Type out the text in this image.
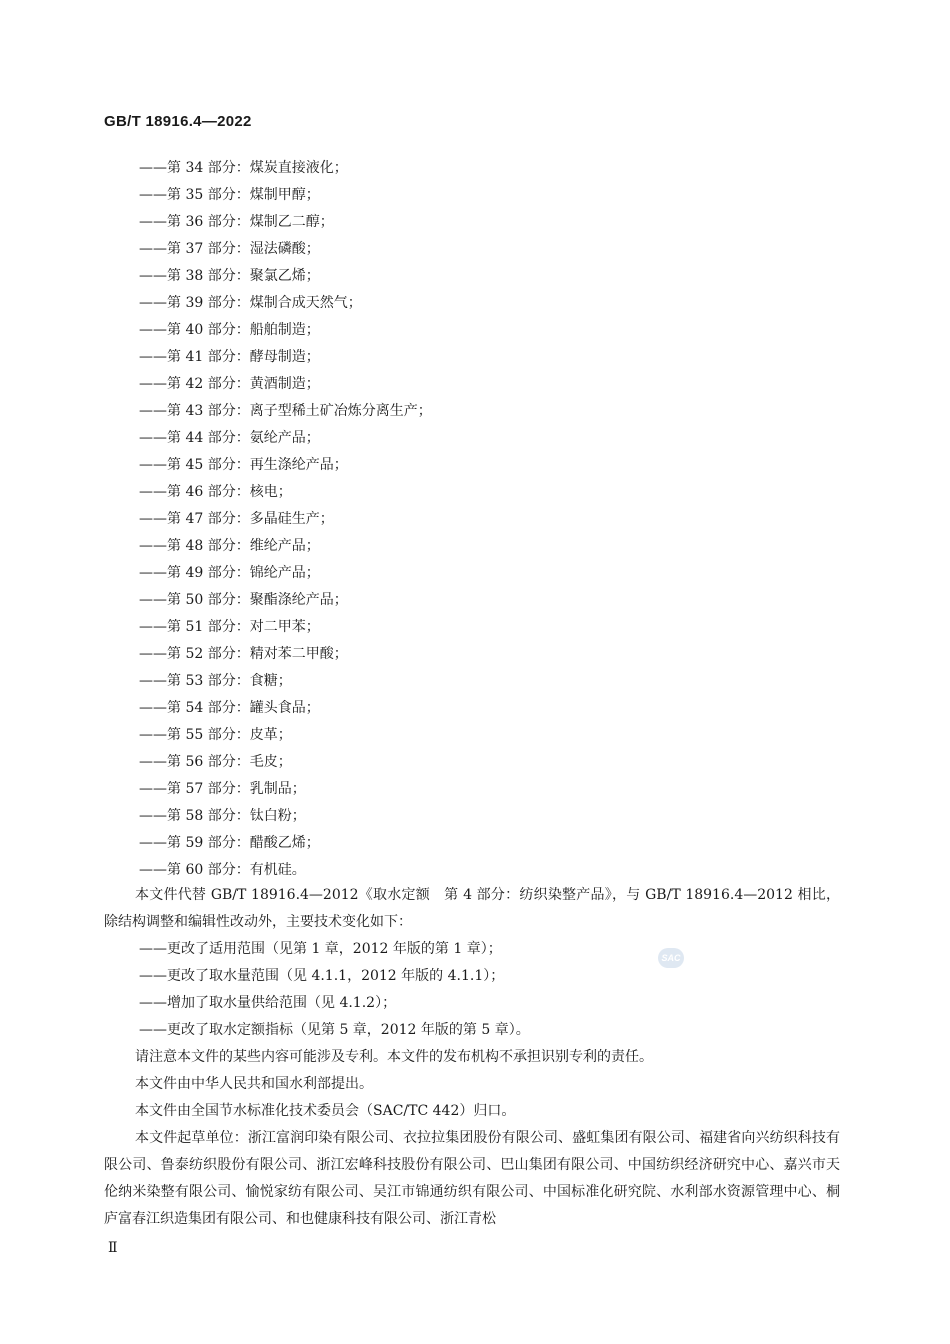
GB/T 18916.4—2022
——第 34 部分：煤炭直接液化；
——第 35 部分：煤制甲醇；
——第 36 部分：煤制乙二醇；
——第 37 部分：湿法磷酸；
——第 38 部分：聚氯乙烯；
——第 39 部分：煤制合成天然气；
——第 40 部分：船舶制造；
——第 41 部分：酵母制造；
——第 42 部分：黄酒制造；
——第 43 部分：离子型稀土矿冶炼分离生产；
——第 44 部分：氨纶产品；
——第 45 部分：再生涤纶产品；
——第 46 部分：核电；
——第 47 部分：多晶硅生产；
——第 48 部分：维纶产品；
——第 49 部分：锦纶产品；
——第 50 部分：聚酯涤纶产品；
——第 51 部分：对二甲苯；
——第 52 部分：精对苯二甲酸；
——第 53 部分：食糖；
——第 54 部分：罐头食品；
——第 55 部分：皮革；
——第 56 部分：毛皮；
——第 57 部分：乳制品；
——第 58 部分：钛白粉；
——第 59 部分：醋酸乙烯；
——第 60 部分：有机硅。

本文件代替 GB/T 18916.4—2012《取水定额　第 4 部分：纺织染整产品》，与 GB/T 18916.4—2012 相比，除结构调整和编辑性改动外，主要技术变化如下：

——更改了适用范围（见第 1 章，2012 年版的第 1 章）；

——更改了取水量范围（见 4.1.1，2012 年版的 4.1.1）；

——增加了取水量供给范围（见 4.1.2）；

——更改了取水定额指标（见第 5 章，2012 年版的第 5 章）。

请注意本文件的某些内容可能涉及专利。本文件的发布机构不承担识别专利的责任。

本文件由中华人民共和国水利部提出。

本文件由全国节水标准化技术委员会（SAC/TC 442）归口。

本文件起草单位：浙江富润印染有限公司、衣拉拉集团股份有限公司、盛虹集团有限公司、福建省向兴纺织科技有限公司、鲁泰纺织股份有限公司、浙江宏峰科技股份有限公司、巴山集团有限公司、中国纺织经济研究中心、嘉兴市天伦纳米染整有限公司、愉悦家纺有限公司、吴江市锦通纺织有限公司、中国标准化研究院、水利部水资源管理中心、桐庐富春江织造集团有限公司、和也健康科技有限公司、浙江青松

SAC
Ⅱ
